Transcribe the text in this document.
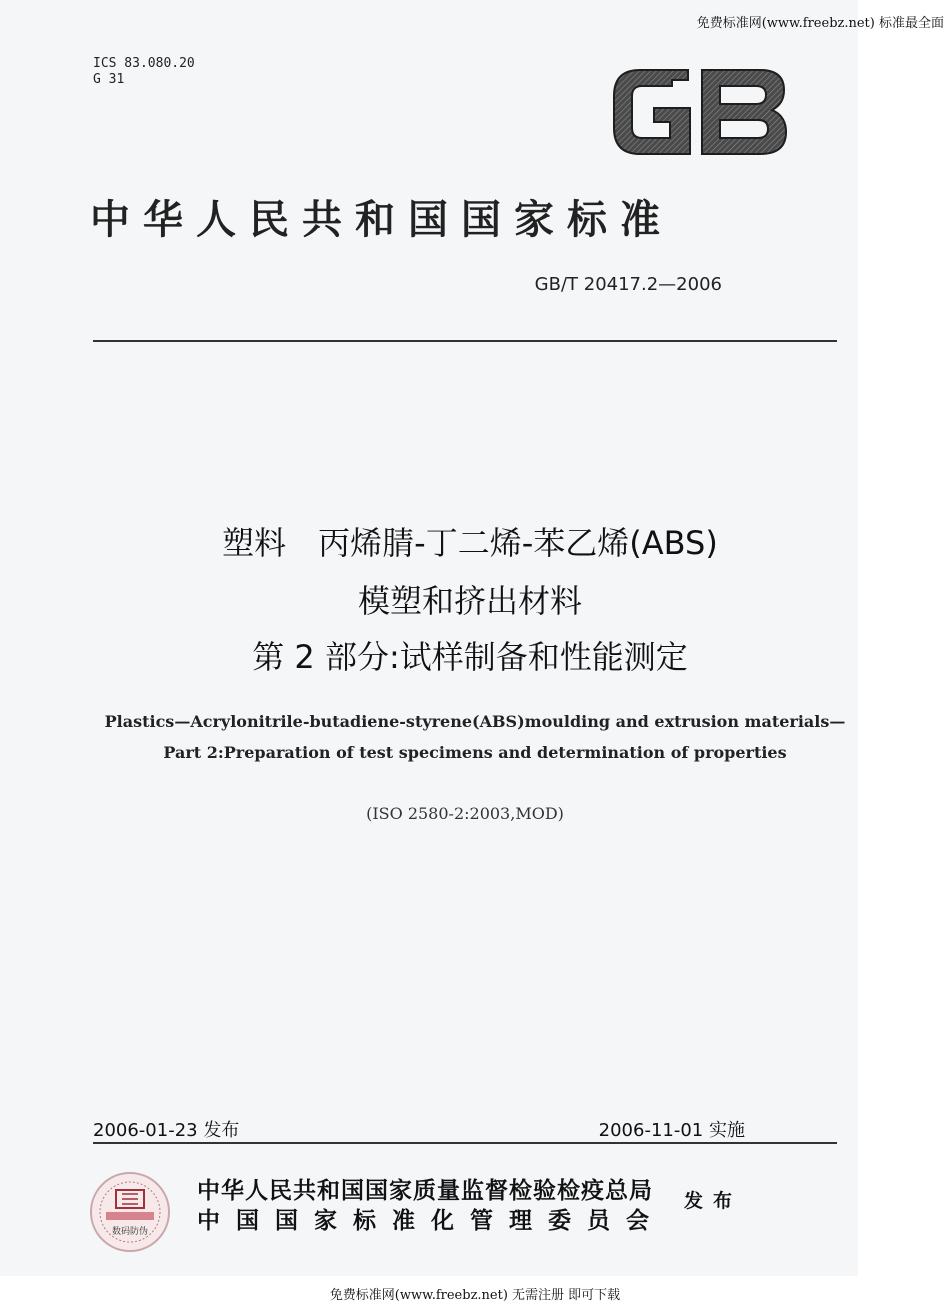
ICS 83.080.20
G 31
中华人民共和国国家标准
GB/T 20417.2—2006
塑料　丙烯腈-丁二烯-苯乙烯(ABS)
模塑和挤出材料
第 2 部分:试样制备和性能测定
Plastics—Acrylonitrile-butadiene-styrene(ABS)moulding and extrusion materials—
Part 2:Preparation of test specimens and determination of properties
(ISO 2580-2:2003,MOD)
2006-01-23 发布	2006-11-01 实施
数码防伪
中华人民共和国国家质量监督检验检疫总局
中国国家标准化管理委员会
发布
免费标准网(www.freebz.net) 标准最全面
免费标准网(www.freebz.net) 无需注册 即可下载
